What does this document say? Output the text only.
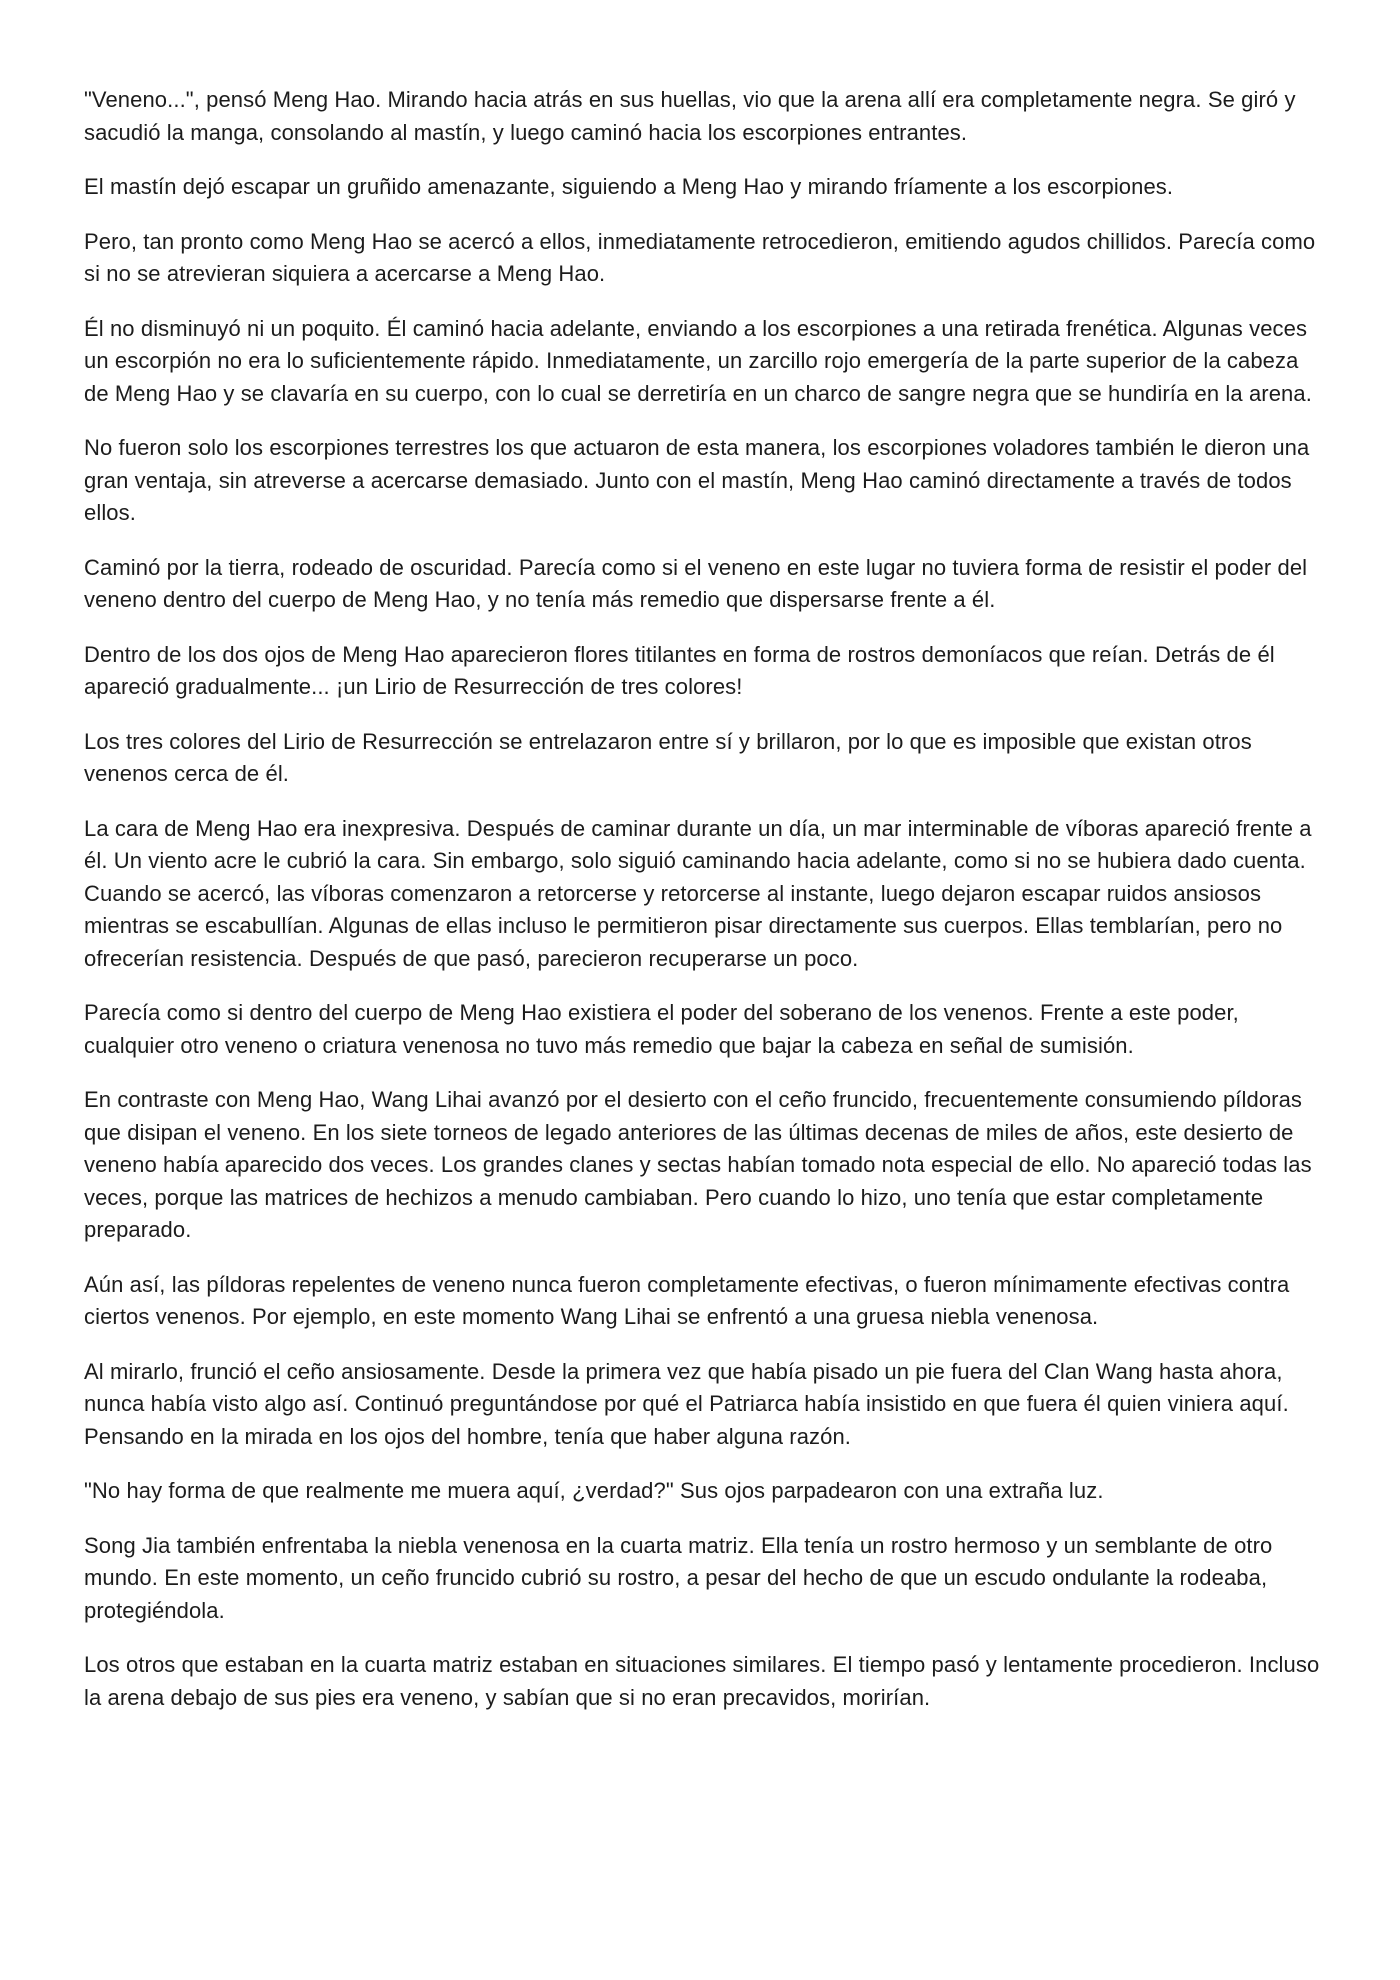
"Veneno...", pensó Meng Hao. Mirando hacia atrás en sus huellas, vio que la arena allí era completamente negra. Se giró y sacudió la manga, consolando al mastín, y luego caminó hacia los escorpiones entrantes.

El mastín dejó escapar un gruñido amenazante, siguiendo a Meng Hao y mirando fríamente a los escorpiones.

Pero, tan pronto como Meng Hao se acercó a ellos, inmediatamente retrocedieron, emitiendo agudos chillidos. Parecía como si no se atrevieran siquiera a acercarse a Meng Hao.

Él no disminuyó ni un poquito. Él caminó hacia adelante, enviando a los escorpiones a una retirada frenética. Algunas veces un escorpión no era lo suficientemente rápido. Inmediatamente, un zarcillo rojo emergería de la parte superior de la cabeza de Meng Hao y se clavaría en su cuerpo, con lo cual se derretiría en un charco de sangre negra que se hundiría en la arena.

No fueron solo los escorpiones terrestres los que actuaron de esta manera, los escorpiones voladores también le dieron una gran ventaja, sin atreverse a acercarse demasiado. Junto con el mastín, Meng Hao caminó directamente a través de todos ellos.

Caminó por la tierra, rodeado de oscuridad. Parecía como si el veneno en este lugar no tuviera forma de resistir el poder del veneno dentro del cuerpo de Meng Hao, y no tenía más remedio que dispersarse frente a él.

Dentro de los dos ojos de Meng Hao aparecieron flores titilantes en forma de rostros demoníacos que reían. Detrás de él apareció gradualmente... ¡un Lirio de Resurrección de tres colores!

Los tres colores del Lirio de Resurrección se entrelazaron entre sí y brillaron, por lo que es imposible que existan otros venenos cerca de él.

La cara de Meng Hao era inexpresiva. Después de caminar durante un día, un mar interminable de víboras apareció frente a él. Un viento acre le cubrió la cara. Sin embargo, solo siguió caminando hacia adelante, como si no se hubiera dado cuenta. Cuando se acercó, las víboras comenzaron a retorcerse y retorcerse al instante, luego dejaron escapar ruidos ansiosos mientras se escabullían. Algunas de ellas incluso le permitieron pisar directamente sus cuerpos. Ellas temblarían, pero no ofrecerían resistencia. Después de que pasó, parecieron recuperarse un poco.

Parecía como si dentro del cuerpo de Meng Hao existiera el poder del soberano de los venenos. Frente a este poder, cualquier otro veneno o criatura venenosa no tuvo más remedio que bajar la cabeza en señal de sumisión.

En contraste con Meng Hao, Wang Lihai avanzó por el desierto con el ceño fruncido, frecuentemente consumiendo píldoras que disipan el veneno. En los siete torneos de legado anteriores de las últimas decenas de miles de años, este desierto de veneno había aparecido dos veces. Los grandes clanes y sectas habían tomado nota especial de ello. No apareció todas las veces, porque las matrices de hechizos a menudo cambiaban. Pero cuando lo hizo, uno tenía que estar completamente preparado.

Aún así, las píldoras repelentes de veneno nunca fueron completamente efectivas, o fueron mínimamente efectivas contra ciertos venenos. Por ejemplo, en este momento Wang Lihai se enfrentó a una gruesa niebla venenosa.

Al mirarlo, frunció el ceño ansiosamente. Desde la primera vez que había pisado un pie fuera del Clan Wang hasta ahora, nunca había visto algo así. Continuó preguntándose por qué el Patriarca había insistido en que fuera él quien viniera aquí. Pensando en la mirada en los ojos del hombre, tenía que haber alguna razón.

"No hay forma de que realmente me muera aquí, ¿verdad?" Sus ojos parpadearon con una extraña luz.

Song Jia también enfrentaba la niebla venenosa en la cuarta matriz. Ella tenía un rostro hermoso y un semblante de otro mundo. En este momento, un ceño fruncido cubrió su rostro, a pesar del hecho de que un escudo ondulante la rodeaba, protegiéndola.

Los otros que estaban en la cuarta matriz estaban en situaciones similares. El tiempo pasó y lentamente procedieron. Incluso la arena debajo de sus pies era veneno, y sabían que si no eran precavidos, morirían.
